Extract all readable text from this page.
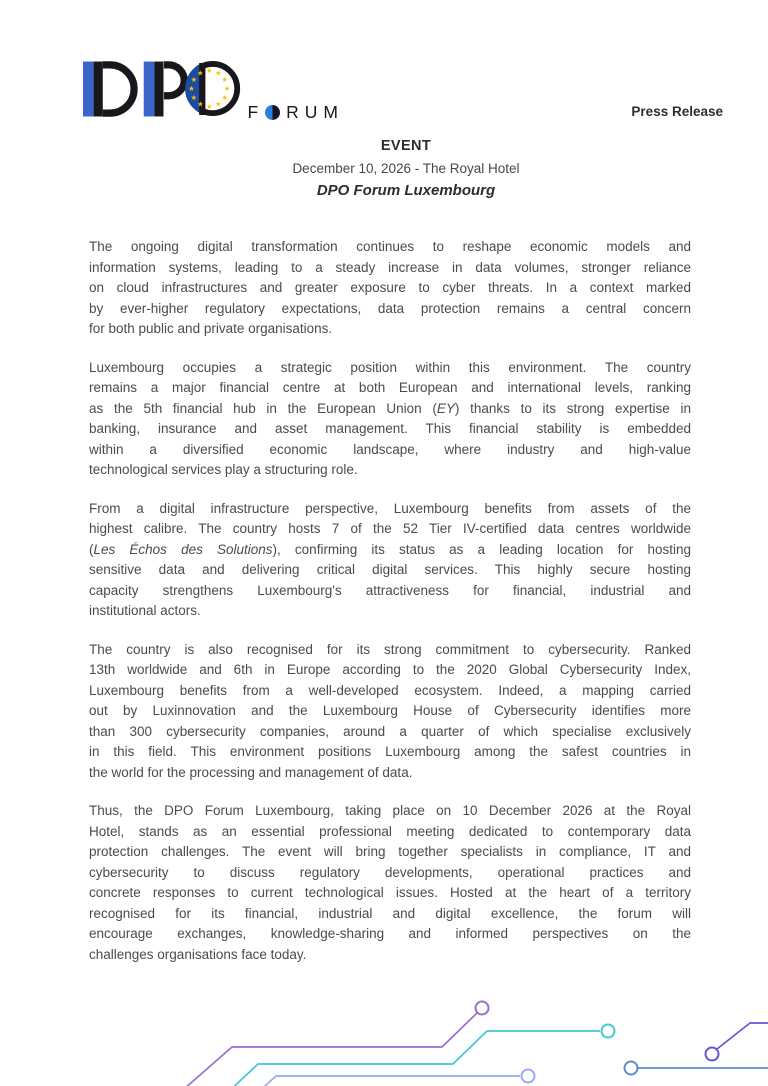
★ ★
★
★
★
★
★
★
★
★
★
★

F RUM	Press Release
EVENT
December 10, 2026 - The Royal Hotel
DPO Forum Luxembourg
The ongoing digital transformation continues to reshape economic models and
information systems, leading to a steady increase in data volumes, stronger reliance
on cloud infrastructures and greater exposure to cyber threats. In a context marked
by ever-higher regulatory expectations, data protection remains a central concern
for both public and private organisations.
Luxembourg occupies a strategic position within this environment. The country
remains a major financial centre at both European and international levels, ranking
as the 5th financial hub in the European Union (EY) thanks to its strong expertise in
banking, insurance and asset management. This financial stability is embedded
within a diversified economic landscape, where industry and high-value
technological services play a structuring role.
From a digital infrastructure perspective, Luxembourg benefits from assets of the
highest calibre. The country hosts 7 of the 52 Tier IV-certified data centres worldwide
(Les Échos des Solutions), confirming its status as a leading location for hosting
sensitive data and delivering critical digital services. This highly secure hosting
capacity strengthens Luxembourg's attractiveness for financial, industrial and
institutional actors.
The country is also recognised for its strong commitment to cybersecurity. Ranked
13th worldwide and 6th in Europe according to the 2020 Global Cybersecurity Index,
Luxembourg benefits from a well-developed ecosystem. Indeed, a mapping carried
out by Luxinnovation and the Luxembourg House of Cybersecurity identifies more
than 300 cybersecurity companies, around a quarter of which specialise exclusively
in this field. This environment positions Luxembourg among the safest countries in
the world for the processing and management of data.
Thus, the DPO Forum Luxembourg, taking place on 10 December 2026 at the Royal
Hotel, stands as an essential professional meeting dedicated to contemporary data
protection challenges. The event will bring together specialists in compliance, IT and
cybersecurity to discuss regulatory developments, operational practices and
concrete responses to current technological issues. Hosted at the heart of a territory
recognised for its financial, industrial and digital excellence, the forum will
encourage exchanges, knowledge-sharing and informed perspectives on the
challenges organisations face today.
